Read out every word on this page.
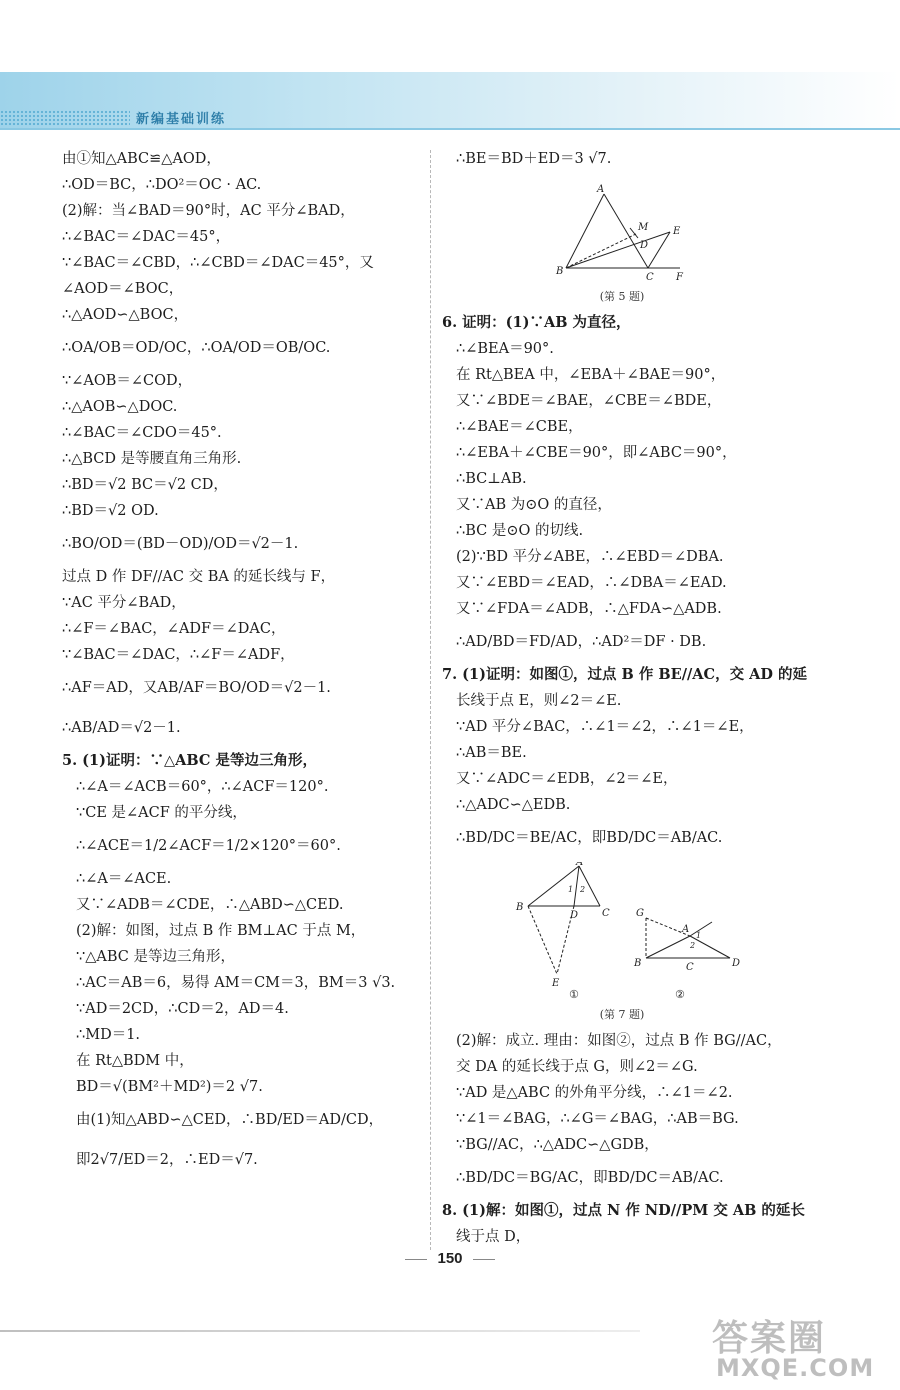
新编基础训练
由①知△ABC≌△AOD，
∴OD＝BC，∴DO²＝OC · AC.
(2)解：当∠BAD＝90°时，AC 平分∠BAD，
∴∠BAC＝∠DAC＝45°，
∵∠BAC＝∠CBD，∴∠CBD＝∠DAC＝45°，又
∠AOD＝∠BOC，
∴△AOD∽△BOC，
∴OA/OB＝OD/OC，∴OA/OD＝OB/OC.
∵∠AOB＝∠COD，
∴△AOB∽△DOC.
∴∠BAC＝∠CDO＝45°.
∴△BCD 是等腰直角三角形.
∴BD＝√2 BC＝√2 CD，
∴BD＝√2 OD.
∴BO/OD＝(BD－OD)/OD＝√2－1.
过点 D 作 DF//AC 交 BA 的延长线与 F，
∵AC 平分∠BAD，
∴∠F＝∠BAC，∠ADF＝∠DAC，
∵∠BAC＝∠DAC，∴∠F＝∠ADF，
∴AF＝AD，又AB/AF＝BO/OD＝√2－1.
∴AB/AD＝√2－1.
5. (1)证明：∵△ABC 是等边三角形，
∴∠A＝∠ACB＝60°，∴∠ACF＝120°.
∵CE 是∠ACF 的平分线，
∴∠ACE＝1/2∠ACF＝1/2×120°＝60°.
∴∠A＝∠ACE.
又∵∠ADB＝∠CDE，∴△ABD∽△CED.
(2)解：如图，过点 B 作 BM⊥AC 于点 M，
∵△ABC 是等边三角形，
∴AC＝AB＝6，易得 AM＝CM＝3，BM＝3 √3.
∵AD＝2CD，∴CD＝2，AD＝4.
∴MD＝1.
在 Rt△BDM 中，
BD＝√(BM²＋MD²)＝2 √7.
由(1)知△ABD∽△CED，∴BD/ED＝AD/CD，
即2√7/ED＝2，∴ED＝√7.
∴BE＝BD＋ED＝3 √7.
A
M E
D
B
C F
(第 5 题)
6. 证明：(1)∵AB 为直径，
∴∠BEA＝90°.
在 Rt△BEA 中，∠EBA＋∠BAE＝90°，
又∵∠BDE＝∠BAE，∠CBE＝∠BDE，
∴∠BAE＝∠CBE，
∴∠EBA＋∠CBE＝90°，即∠ABC＝90°，
∴BC⊥AB.
又∵AB 为⊙O 的直径，
∴BC 是⊙O 的切线.
(2)∵BD 平分∠ABE，∴∠EBD＝∠DBA.
又∵∠EBD＝∠EAD，∴∠DBA＝∠EAD.
又∵∠FDA＝∠ADB，∴△FDA∽△ADB.
∴AD/BD＝FD/AD，∴AD²＝DF · DB.
7. (1)证明：如图①，过点 B 作 BE//AC，交 AD 的延
长线于点 E，则∠2＝∠E.
∵AD 平分∠BAC，∴∠1＝∠2，∴∠1＝∠E，
∴AB＝BE.
又∵∠ADC＝∠EDB，∠2＝∠E，
∴△ADC∽△EDB.
∴BD/DC＝BE/AC，即BD/DC＝AB/AC.
A
1 2
B
D C
E
G
A
1
2
B	C	D
①	②
(第 7 题)
(2)解：成立. 理由：如图②，过点 B 作 BG//AC，
交 DA 的延长线于点 G，则∠2＝∠G.
∵AD 是△ABC 的外角平分线，∴∠1＝∠2.
∵∠1＝∠BAG，∴∠G＝∠BAG，∴AB＝BG.
∵BG//AC，∴△ADC∽△GDB，
∴BD/DC＝BG/AC，即BD/DC＝AB/AC.
8. (1)解：如图①，过点 N 作 ND//PM 交 AB 的延长
线于点 D，
150
答案圈
MXQE.COM
